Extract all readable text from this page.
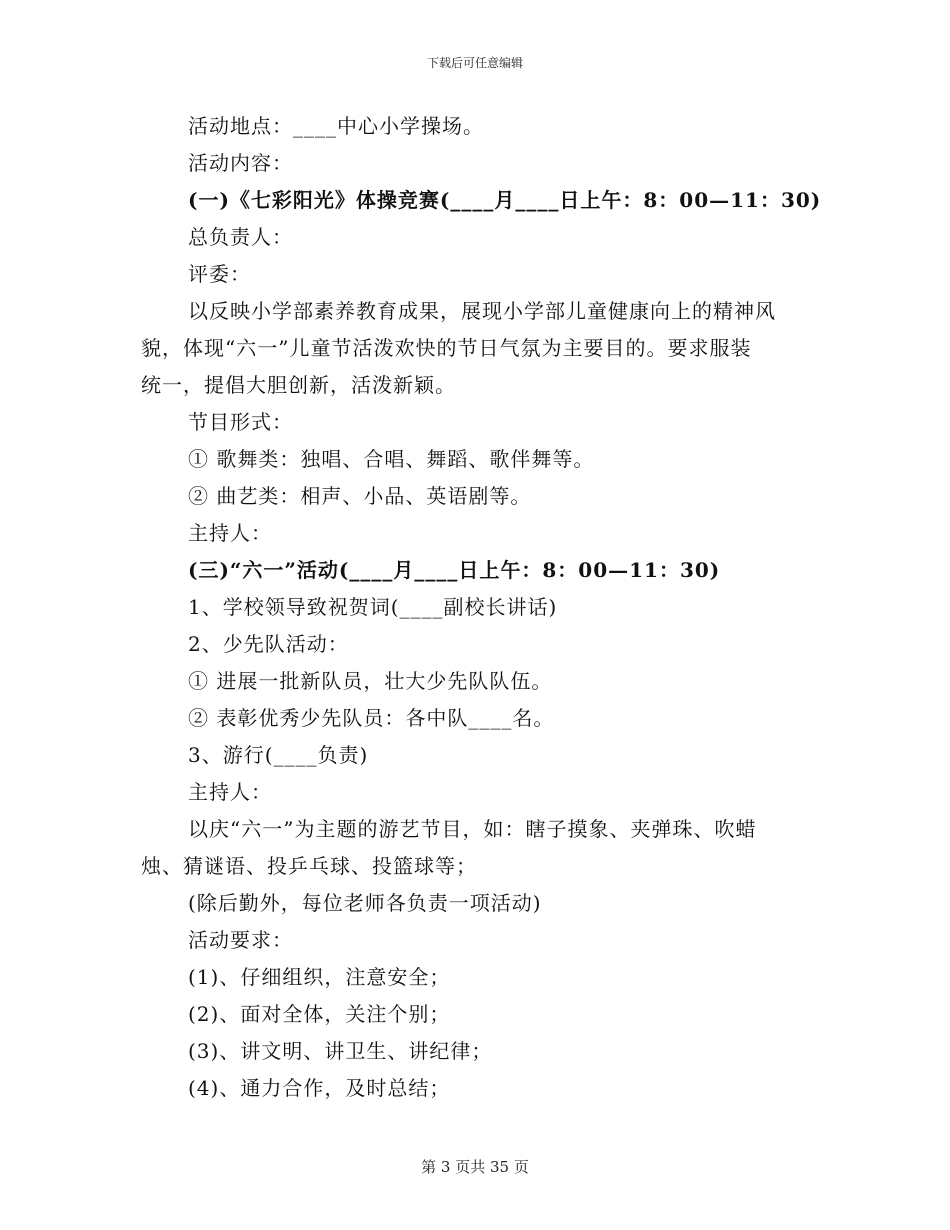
下载后可任意编辑
活动地点：____中心小学操场。
活动内容：
(一)《七彩阳光》体操竞赛(____月____日上午：8：00—11：30)
总负责人：
评委：
以反映小学部素养教育成果，展现小学部儿童健康向上的精神风
貌，体现“六一”儿童节活泼欢快的节日气氛为主要目的。要求服装
统一，提倡大胆创新，活泼新颖。
节目形式：
① 歌舞类：独唱、合唱、舞蹈、歌伴舞等。
② 曲艺类：相声、小品、英语剧等。
主持人：
(三)“六一”活动(____月____日上午：8：00—11：30)
1、学校领导致祝贺词(____副校长讲话)
2、少先队活动：
① 进展一批新队员，壮大少先队队伍。
② 表彰优秀少先队员：各中队____名。
3、游行(____负责)
主持人：
以庆“六一”为主题的游艺节目，如：瞎子摸象、夹弹珠、吹蜡
烛、猜谜语、投乒乓球、投篮球等；
(除后勤外，每位老师各负责一项活动)
活动要求：
(1)、仔细组织，注意安全；
(2)、面对全体，关注个别；
(3)、讲文明、讲卫生、讲纪律；
(4)、通力合作，及时总结；
第 3 页共 35 页
